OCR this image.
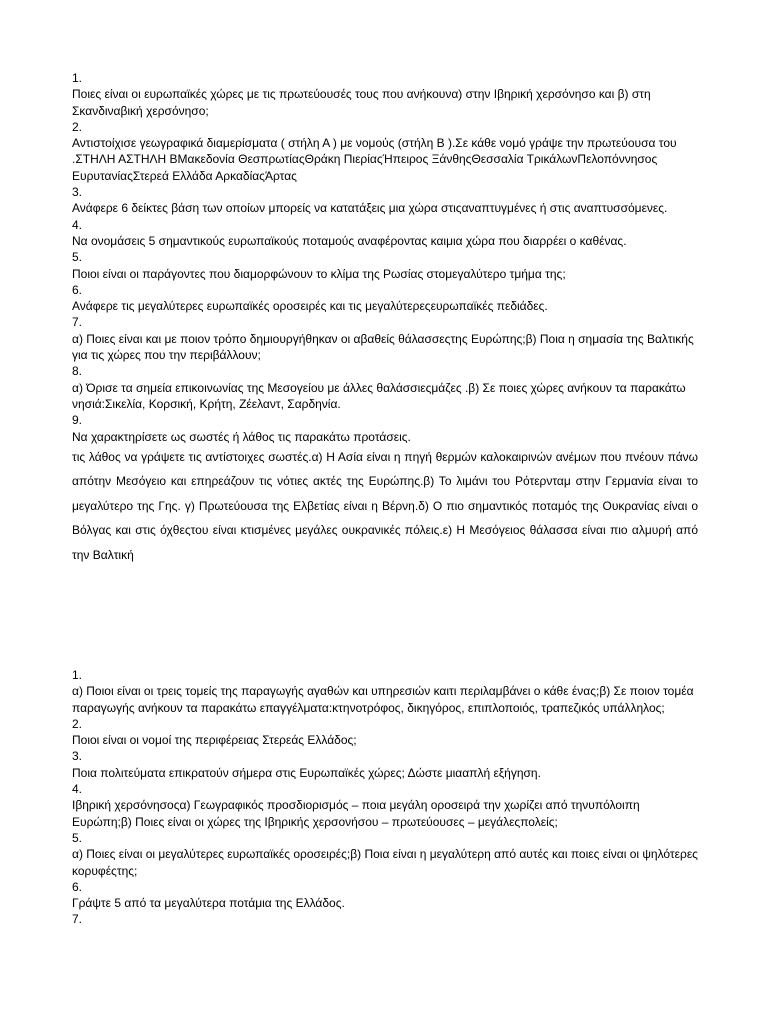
1.
Ποιες είναι οι ευρωπαϊκές χώρες με τις πρωτεύουσές τους που ανήκουνα) στην Ιβηρική χερσόνησο και β) στη Σκανδιναβική χερσόνησο;
2.
Αντιστοίχισε γεωγραφικά διαμερίσματα ( στήλη Α ) με νομούς (στήλη Β ).Σε κάθε νομό γράψε την πρωτεύουσα του .ΣΤΗΛΗ ΑΣΤΗΛΗ ΒΜακεδονία ΘεσπρωτίαςΘράκη ΠιερίαςΉπειρος ΞάνθηςΘεσσαλία ΤρικάλωνΠελοπόννησος ΕυρυτανίαςΣτερεά Ελλάδα ΑρκαδίαςΆρτας
3.
Ανάφερε 6 δείκτες βάση των οποίων μπορείς να κατατάξεις μια χώρα στιςαναπτυγμένες ή στις αναπτυσσόμενες.
4.
Να ονομάσεις 5 σημαντικούς ευρωπαϊκούς ποταμούς αναφέροντας καιμια χώρα που διαρρέει ο καθένας.
5.
Ποιοι είναι οι παράγοντες που διαμορφώνουν το κλίμα της Ρωσίας στομεγαλύτερο τμήμα της;
6.
Ανάφερε τις μεγαλύτερες ευρωπαϊκές οροσειρές και τις μεγαλύτερεςευρωπαϊκές πεδιάδες.
7.
α) Ποιες είναι και με ποιον τρόπο δημιουργήθηκαν οι αβαθείς θάλασσεςτης Ευρώπης;β) Ποια η σημασία της Βαλτικής για τις χώρες που την περιβάλλουν;
8.
α) Όρισε τα σημεία επικοινωνίας της Μεσογείου με άλλες θαλάσσιεςμάζες .β) Σε ποιες χώρες ανήκουν τα παρακάτω νησιά:Σικελία, Κορσική, Κρήτη, Ζέελαντ, Σαρδηνία.
9.
Να χαρακτηρίσετε ως σωστές ή λάθος τις παρακάτω προτάσεις.
τις λάθος να γράψετε τις αντίστοιχες σωστές.α) Η Ασία είναι η πηγή θερμών καλοκαιρινών ανέμων που πνέουν πάνω απότην Μεσόγειο και επηρεάζουν τις νότιες ακτές της Ευρώπης.β) Το λιμάνι του Ρότερνταμ στην Γερμανία είναι το μεγαλύτερο της Γης. γ) Πρωτεύουσα της Ελβετίας είναι η Βέρνη.δ) Ο πιο σημαντικός ποταμός της Ουκρανίας είναι ο Βόλγας και στις όχθεςτου είναι κτισμένες μεγάλες ουκρανικές πόλεις.ε) Η Μεσόγειος θάλασσα είναι πιο αλμυρή από την Βαλτική
1.
α) Ποιοι είναι οι τρεις τομείς της παραγωγής αγαθών και υπηρεσιών καιτι περιλαμβάνει ο κάθε ένας;β) Σε ποιον τομέα παραγωγής ανήκουν τα παρακάτω επαγγέλματα:κτηνοτρόφος, δικηγόρος, επιπλοποιός, τραπεζικός υπάλληλος;
2.
Ποιοι είναι οι νομοί της περιφέρειας Στερεάς Ελλάδος;
3.
Ποια πολιτεύματα επικρατούν σήμερα στις Ευρωπαϊκές χώρες; Δώστε μιααπλή εξήγηση.
4.
Ιβηρική χερσόνησοςα) Γεωγραφικός προσδιορισμός – ποια μεγάλη οροσειρά την χωρίζει από τηνυπόλοιπη Ευρώπη;β) Ποιες είναι οι χώρες της Ιβηρικής χερσονήσου – πρωτεύουσες – μεγάλεςπολείς;
5.
α) Ποιες είναι οι μεγαλύτερες ευρωπαϊκές οροσειρές;β) Ποια είναι η μεγαλύτερη από αυτές και ποιες είναι οι ψηλότερες κορυφέςτης;
6.
Γράψτε 5 από τα μεγαλύτερα ποτάμια της Ελλάδος.
7.
